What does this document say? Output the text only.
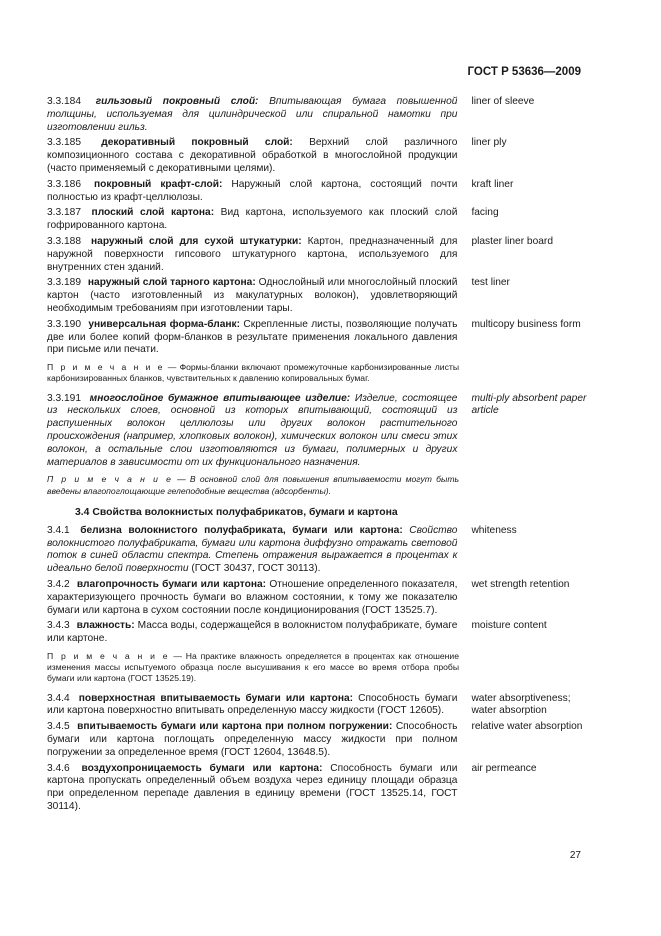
ГОСТ Р 53636—2009
3.3.184 гильзовый покровный слой: Впитывающая бумага повышенной толщины, используемая для цилиндрической или спиральной намотки при изготовлении гильз.
liner of sleeve
3.3.185 декоративный покровный слой: Верхний слой различного композиционного состава с декоративной обработкой в многослойной продукции (часто применяемый с декоративными целями).
liner ply
3.3.186 покровный крафт-слой: Наружный слой картона, состоящий почти полностью из крафт-целлюлозы.
kraft liner
3.3.187 плоский слой картона: Вид картона, используемого как плоский слой гофрированного картона.
facing
3.3.188 наружный слой для сухой штукатурки: Картон, предназначенный для наружной поверхности гипсового штукатурного картона, используемого для внутренних стен зданий.
plaster liner board
3.3.189 наружный слой тарного картона: Однослойный или многослойный плоский картон (часто изготовленный из макулатурных волокон), удовлетворяющий необходимым требованиям при изготовлении тары.
test liner
3.3.190 универсальная форма-бланк: Скрепленные листы, позволяющие получать две или более копий форм-бланков в результате применения локального давления при письме или печати.
multicopy business form
П р и м е ч а н и е — Формы-бланки включают промежуточные карбонизированные листы карбонизированных бланков, чувствительных к давлению копировальных бумаг.
3.3.191 многослойное бумажное впитывающее изделие: Изделие, состоящее из нескольких слоев, основной из которых впитывающий, состоящий из распушенных волокон целлюлозы или других волокон растительного происхождения (например, хлопковых волокон), химических волокон или смеси этих волокон, а остальные слои изготовляются из бумаги, полимерных и других материалов в зависимости от их функционального назначения.
multi-ply absorbent paper article
П р и м е ч а н и е — В основной слой для повышения впитываемости могут быть введены влагопоглощающие гелеподобные вещества (адсорбенты).
3.4 Свойства волокнистых полуфабрикатов, бумаги и картона
3.4.1 белизна волокнистого полуфабриката, бумаги или картона: Свойство волокнистого полуфабриката, бумаги или картона диффузно отражать световой поток в синей области спектра. Степень отражения выражается в процентах к идеально белой поверхности (ГОСТ 30437, ГОСТ 30113).
whiteness
3.4.2 влагопрочность бумаги или картона: Отношение определенного показателя, характеризующего прочность бумаги во влажном состоянии, к тому же показателю бумаги или картона в сухом состоянии после кондиционирования (ГОСТ 13525.7).
wet strength retention
3.4.3 влажность: Масса воды, содержащейся в волокнистом полуфабрикате, бумаге или картоне.
moisture content
П р и м е ч а н и е — На практике влажность определяется в процентах как отношение изменения массы испытуемого образца после высушивания к его массе во время отбора пробы бумаги или картона (ГОСТ 13525.19).
3.4.4 поверхностная впитываемость бумаги или картона: Способность бумаги или картона поверхностно впитывать определенную массу жидкости (ГОСТ 12605).
water absorptiveness; water absorption
3.4.5 впитываемость бумаги или картона при полном погружении: Способность бумаги или картона поглощать определенную массу жидкости при полном погружении за определенное время (ГОСТ 12604, 13648.5).
relative water absorption
3.4.6 воздухопроницаемость бумаги или картона: Способность бумаги или картона пропускать определенный объем воздуха через единицу площади образца при определенном перепаде давления в единицу времени (ГОСТ 13525.14, ГОСТ 30114).
air permeance
27
